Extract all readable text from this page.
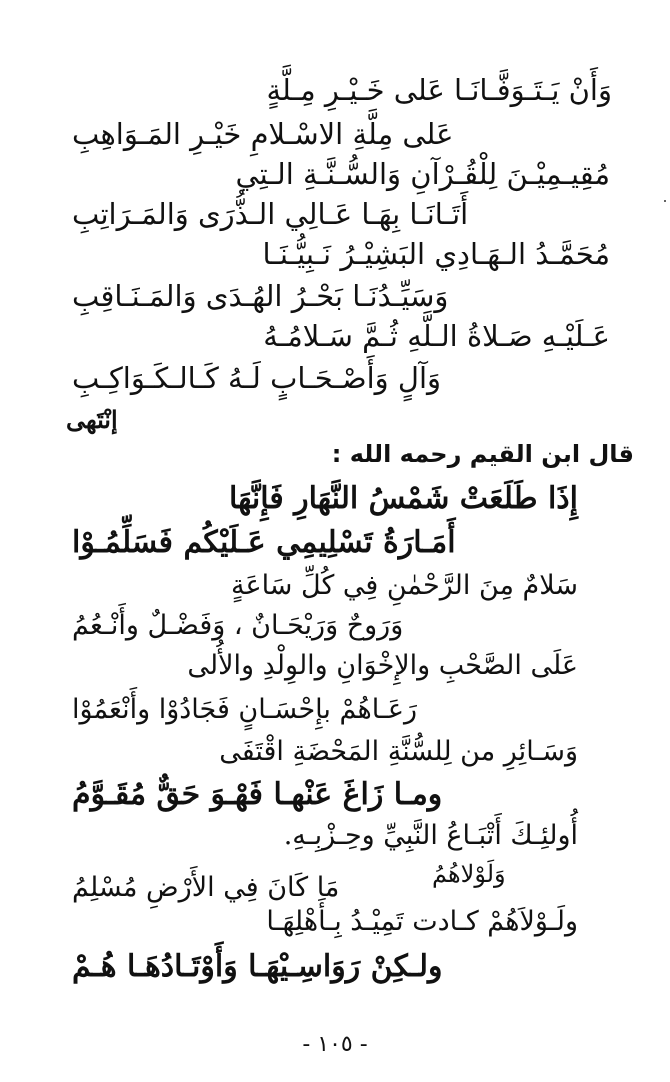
وَأَنْ يَـتَـوَفَّـانَـا عَلى خَـيْـرِ مِـلَّةٍ
عَلى مِلَّةِ الاسْـلامِ خَيْـرِ المَـوَاهِبِ
مُقِيـمِيْـنَ لِلْقُـرْآنِ وَالسُّـنَّـةِ الـتِي
أَتَـانَـا بِهَـا عَـالِي الـذُّرَى وَالمَـرَاتِبِ
مُحَمَّـدُ الـهَـادِي البَشِيْـرُ نَـبِيُّـنَـا
وَسَيِّـدُنَـا بَحْـرُ الهُـدَى وَالمَـنَـاقِبِ
عَـلَيْـهِ صَـلاةُ الـلَّهِ ثُـمَّ سَـلامُـهُ
وَآلٍ وَأَصْـحَـابٍ لَـهُ كَـالـكَـوَاكِـبِ
إنْتَهى
قال ابن القيم رحمه الله :
إِذَا طَلَعَتْ شَمْسُ النَّهَارِ فَإِنَّهَا
أَمَـارَةُ تَسْلِيمِي عَـلَيْكُم فَسَلِّمُـوْا
سَلامٌ مِنَ الرَّحْمٰنِ فِي كُلِّ سَاعَةٍ
وَرَوحٌ وَرَيْحَـانٌ ، وَفَضْـلٌ وأَنْـعُمُ
عَلَى الصَّحْبِ والإِخْوَانِ والوِلْدِ والأُلى
رَعَـاهُمْ بإِحْسَـانٍ فَجَادُوْا وأَنْعَمُوْا
وَسَـائِرِ من لِلسُّنَّةِ المَحْضَةِ اقْتَفَى
ومـا زَاغَ عَنْهـا فَهْـوَ حَقٌّ مُقَـوَّمُ
أُولئِـكَ أَتْبَـاعُ النَّبِيِّ وحِـزْبِـهِ.
وَلَوْلاهُمُ
مَا كَانَ فِي الأَرْضِ مُسْلِمُ
ولَـوْلاَهُمْ كـادت تَمِيْـدُ بِـأَهْلِهَـا
ولـكِنْ رَوَاسِـيْهَـا وَأَوْتَـادُهَـا هُـمْ
- ١٠٥ -
